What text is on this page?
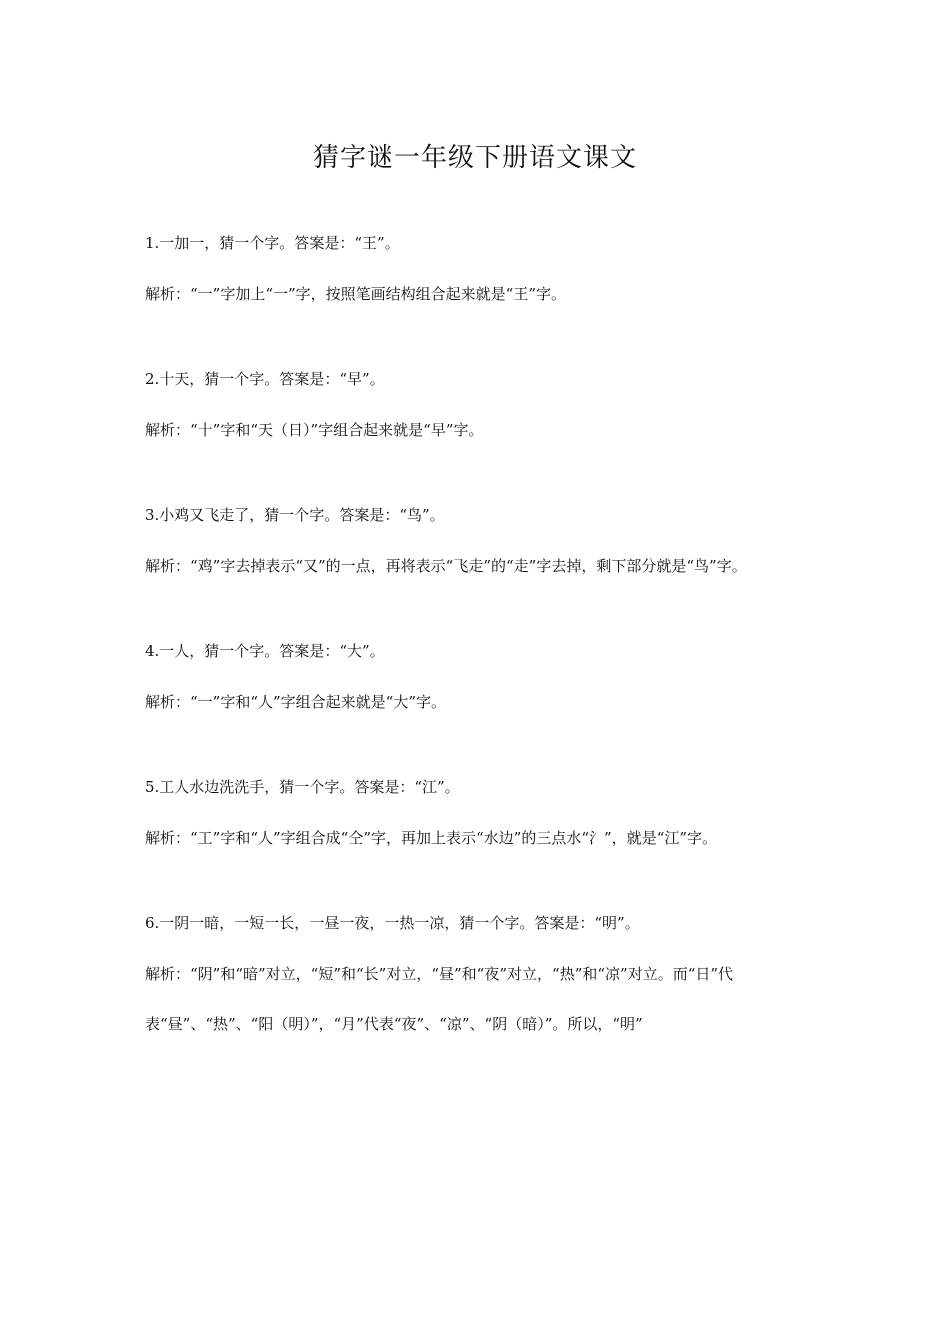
猜字谜一年级下册语文课文

1.一加一，猜一个字。答案是：“王”。

解析：“一”字加上“一”字，按照笔画结构组合起来就是“王”字。

2.十天，猜一个字。答案是：“早”。

解析：“十”字和“天（日）”字组合起来就是“早”字。

3.小鸡又飞走了，猜一个字。答案是：“鸟”。

解析：“鸡”字去掉表示“又”的一点，再将表示“飞走”的“走”字去掉，剩下部分就是“鸟”字。

4.一人，猜一个字。答案是：“大”。

解析：“一”字和“人”字组合起来就是“大”字。

5.工人水边洗洗手，猜一个字。答案是：“江”。

解析：“工”字和“人”字组合成“仝”字，再加上表示“水边”的三点水“氵”，就是“江”字。

6.一阴一暗，一短一长，一昼一夜，一热一凉，猜一个字。答案是：“明”。

解析：“阴”和“暗”对立，“短”和“长”对立，“昼”和“夜”对立，“热”和“凉”对立。而“日”代表“昼”、“热”、“阳（明）”，“月”代表“夜”、“凉”、“阴（暗）”。所以，“明”
